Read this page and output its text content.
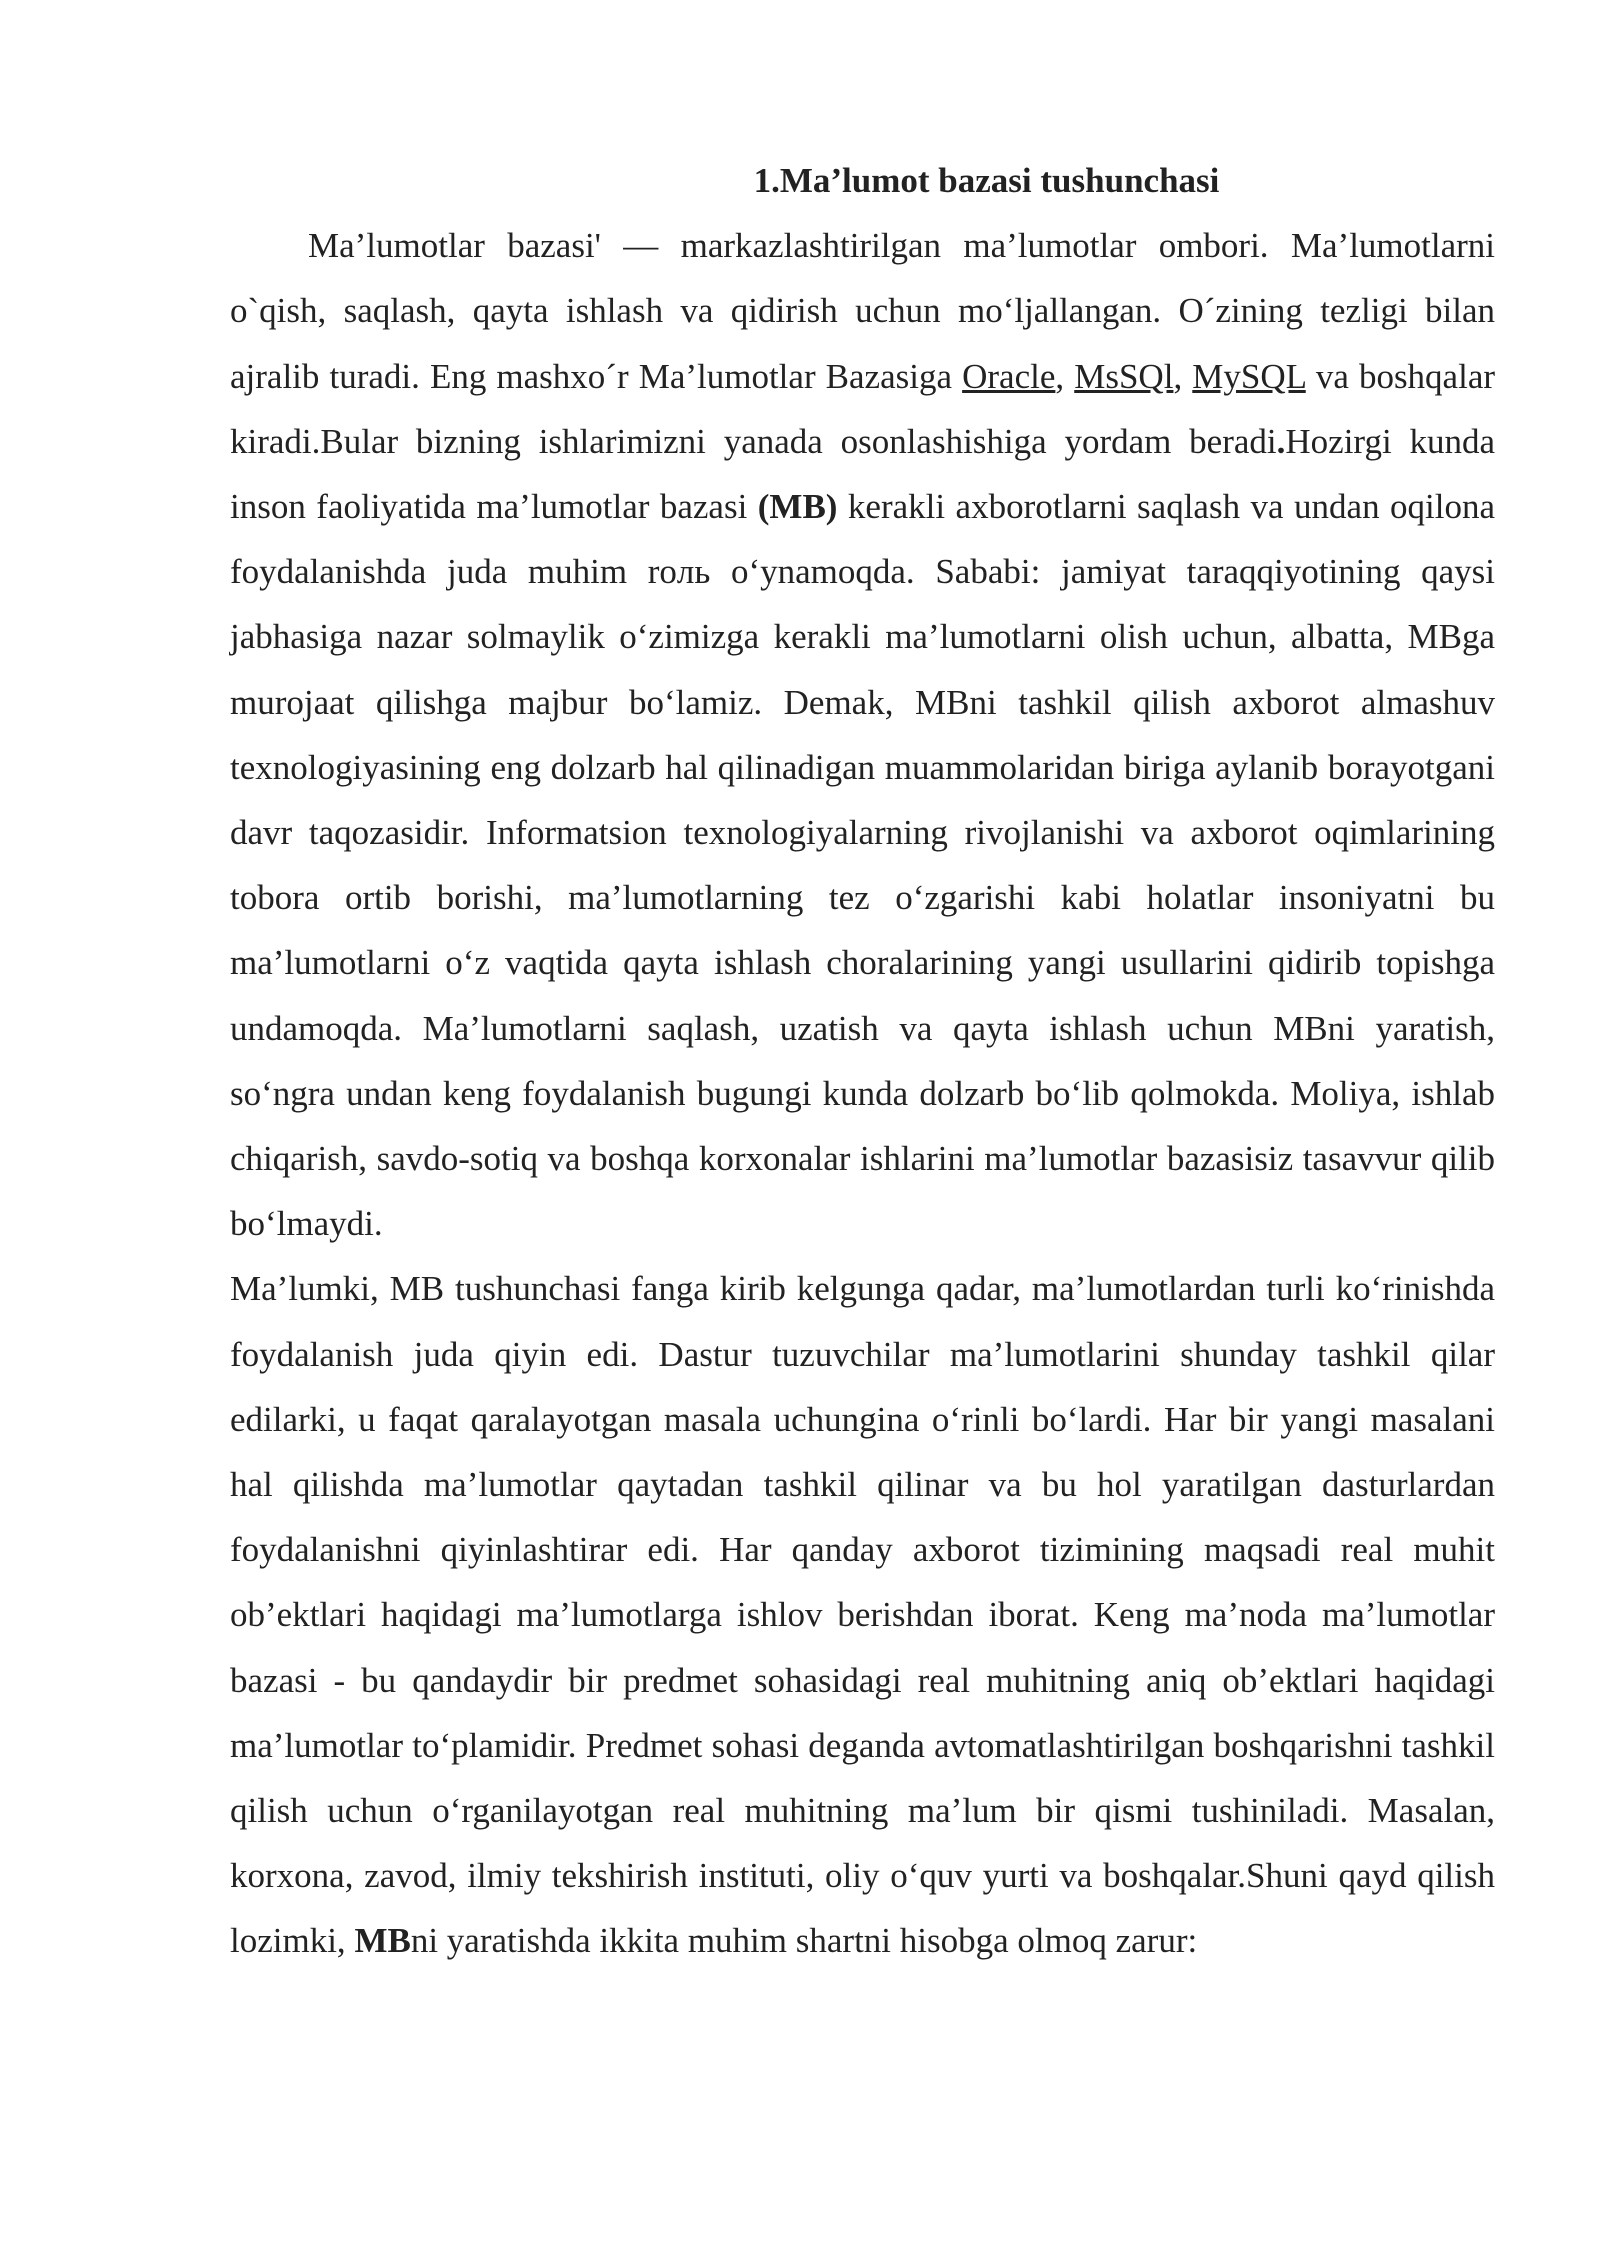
1.Ma’lumot bazasi tushunchasi

Ma’lumotlar bazasi' — markazlashtirilgan ma’lumotlar ombori. Ma’lumotlarni o`qish, saqlash, qayta ishlash va qidirish uchun mo‘ljallangan. O´zining tezligi bilan ajralib turadi. Eng mashxo´r Ma’lumotlar Bazasiga Oracle, MsSQl, MySQL va boshqalar kiradi.Bular bizning ishlarimizni yanada osonlashishiga yordam beradi.Hozirgi kunda inson faoliyatida ma’lumotlar bazasi (MB) kerakli axborotlarni saqlash va undan oqilona foydalanishda juda muhim roль o‘ynamoqda. Sababi: jamiyat taraqqiyotining qaysi jabhasiga nazar solmaylik o‘zimizga kerakli ma’lumotlarni olish uchun, albatta, MBga murojaat qilishga majbur bo‘lamiz. Demak, MBni tashkil qilish axborot almashuv texnologiyasining eng dolzarb hal qilinadigan muammolaridan biriga aylanib borayotgani davr taqozasidir. Informatsion texnologiyalarning rivojlanishi va axborot oqimlarining tobora ortib borishi, ma’lumotlarning tez o‘zgarishi kabi holatlar insoniyatni bu ma’lumotlarni o‘z vaqtida qayta ishlash choralarining yangi usullarini qidirib topishga undamoqda. Ma’lumotlarni saqlash, uzatish va qayta ishlash uchun MBni yaratish, so‘ngra undan keng foydalanish bugungi kunda dolzarb bo‘lib qolmokda. Moliya, ishlab chiqarish, savdo-sotiq va boshqa korxonalar ishlarini ma’lumotlar bazasisiz tasavvur qilib bo‘lmaydi.

Ma’lumki, MB tushunchasi fanga kirib kelgunga qadar, ma’lumotlardan turli ko‘rinishda foydalanish juda qiyin edi. Dastur tuzuvchilar ma’lumotlarini shunday tashkil qilar edilarki, u faqat qaralayotgan masala uchungina o‘rinli bo‘lardi. Har bir yangi masalani hal qilishda ma’lumotlar qaytadan tashkil qilinar va bu hol yaratilgan dasturlardan foydalanishni qiyinlashtirar edi. Har qanday axborot tizimining maqsadi real muhit ob’ektlari haqidagi ma’lumotlarga ishlov berishdan iborat. Keng ma’noda ma’lumotlar bazasi - bu qandaydir bir predmet sohasidagi real muhitning aniq ob’ektlari haqidagi ma’lumotlar to‘plamidir. Predmet sohasi deganda avtomatlashtirilgan boshqarishni tashkil qilish uchun o‘rganilayotgan real muhitning ma’lum bir qismi tushiniladi. Masalan, korxona, zavod, ilmiy tekshirish instituti, oliy o‘quv yurti va boshqalar.Shuni qayd qilish lozimki, MBni yaratishda ikkita muhim shartni hisobga olmoq zarur:
